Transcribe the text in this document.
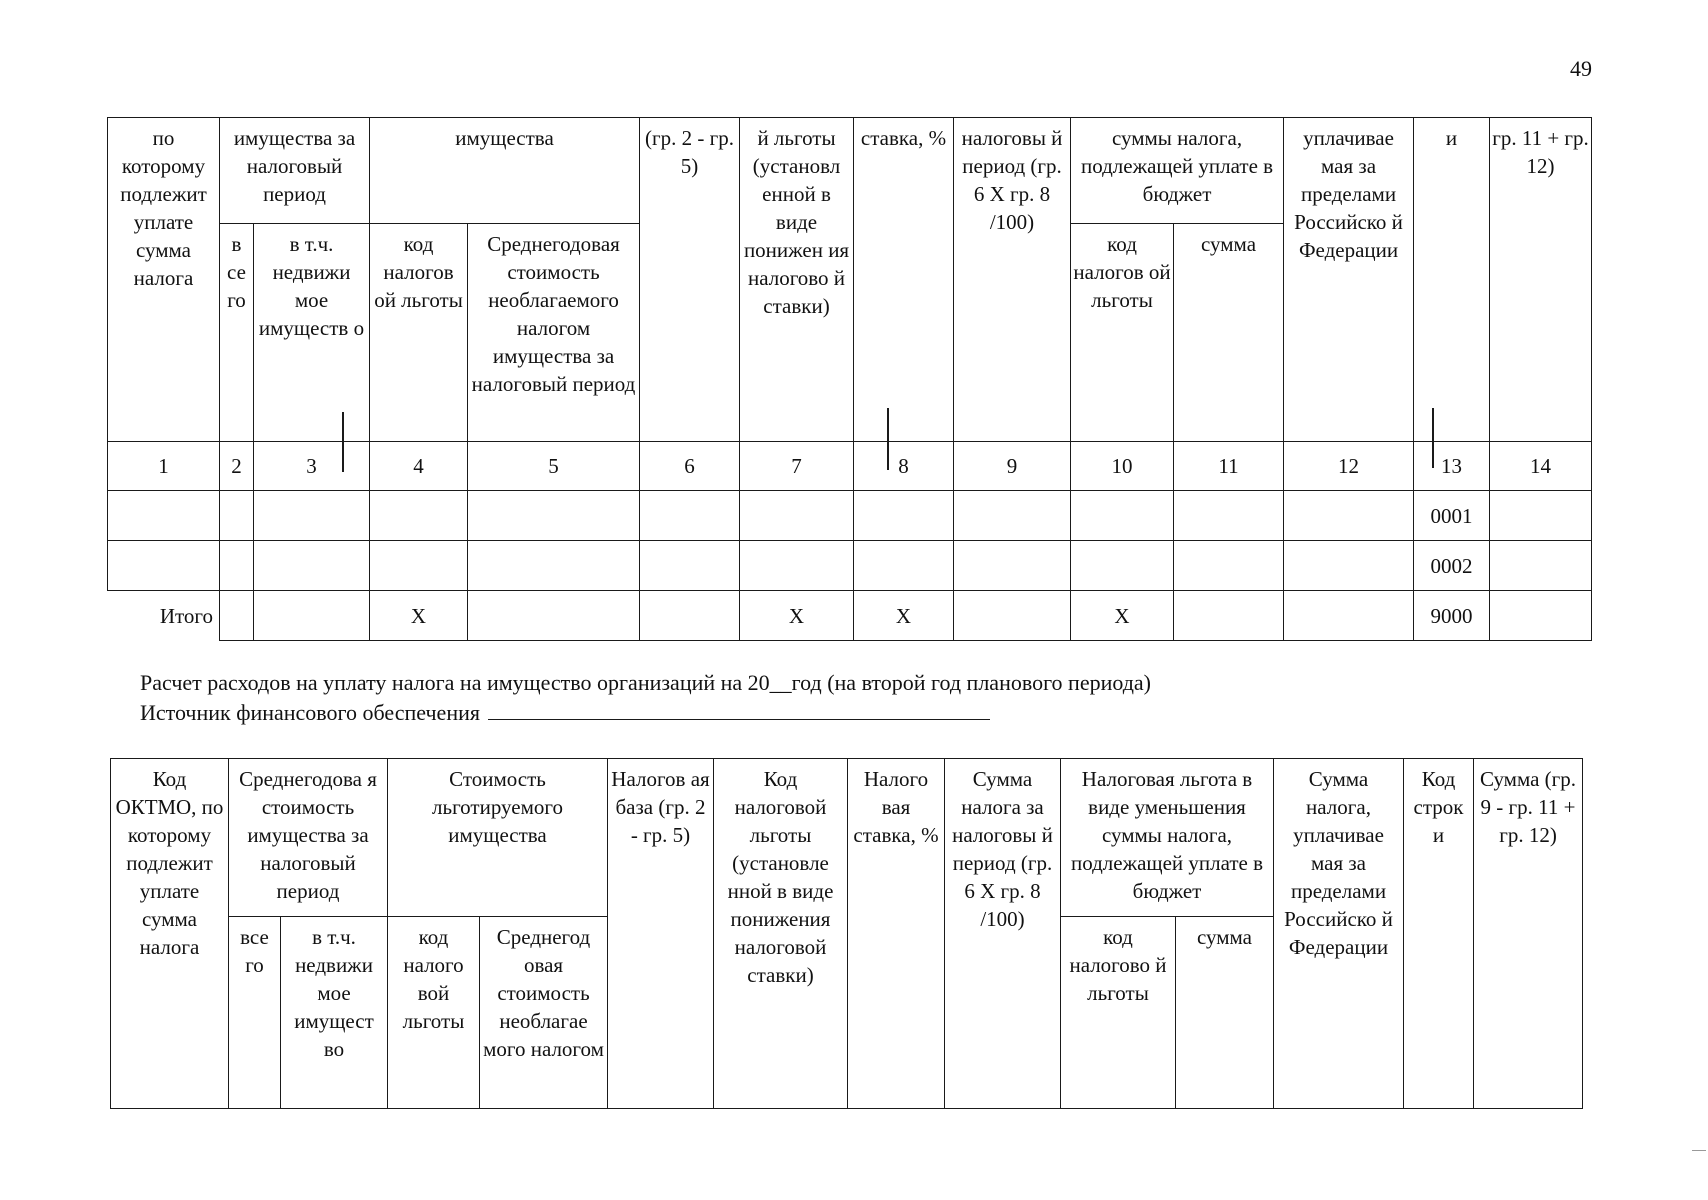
49
по которому подлежит уплате сумма налога	имущества за налоговый период		имущества		(гр. 2 - гр. 5)	й льготы (установл енной в виде понижен ия налогово й ставки)	ставка, %	налоговы й период (гр. 6 X гр. 8 /100)	суммы налога, подлежащей уплате в бюджет		уплачивае мая за пределами Российско й Федерации	и	гр. 11 + гр. 12)
	в се го	в т.ч. недвижи мое имуществ о	код налогов ой льготы	Среднегодовая стоимость необлагаемого налогом имущества за налоговый период					код налогов ой льготы	сумма			
1	2	3	4	5	6	7	8	9	10	11	12	13	14
												0001	
												0002	
Итого			X			X	X		X			9000	
Расчет расходов на уплату налога на имущество организаций на 20__год (на второй год планового периода)
Источник финансового обеспечения
Код ОКТМО, по которому подлежит уплате сумма налога	Среднегодова я стоимость имущества за налоговый период		Стоимость льготируемого имущества		Налогов ая база (гр. 2 - гр. 5)	Код налоговой льготы (установле нной в виде понижения налоговой ставки)	Налого вая ставка, %	Сумма налога за налоговы й период (гр. 6 X гр. 8 /100)	Налоговая льгота в виде уменьшения суммы налога, подлежащей уплате в бюджет		Сумма налога, уплачивае мая за пределами Российско й Федерации	Код строк и	Сумма (гр. 9 - гр. 11 + гр. 12)
	все го	в т.ч. недвижи мое имущест во	код налого вой льготы	Среднегод овая стоимость необлагае мого налогом					код налогово й льготы	сумма			
